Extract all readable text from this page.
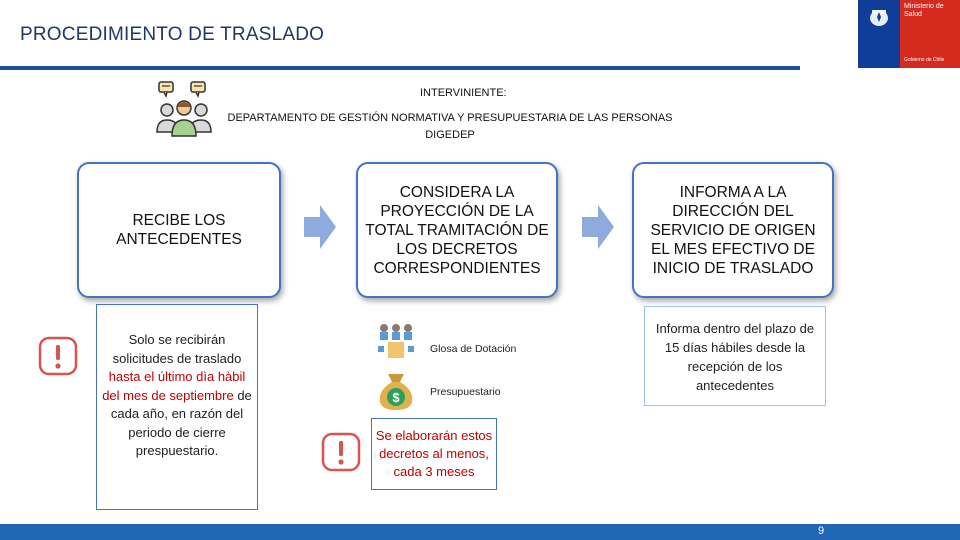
PROCEDIMIENTO DE TRASLADO
Ministerio de
Salud
Gobierno de Chile
INTERVINIENTE:
DEPARTAMENTO DE GESTIÓN NORMATIVA Y PRESUPUESTARIA DE LAS PERSONAS
DIGEDEP
RECIBE LOS ANTECEDENTES
CONSIDERA LA PROYECCIÓN DE LA TOTAL TRAMITACIÓN DE LOS DECRETOS CORRESPONDIENTES
INFORMA A LA DIRECCIÓN DEL SERVICIO DE ORIGEN EL MES EFECTIVO DE INICIO DE TRASLADO
Solo se recibirán solicitudes de traslado hasta el último dìa hàbil del mes de septiembre de cada año, en razón del periodo de cierre prespuestario.
Glosa de Dotación
$	Presupuestario
Se elaborarán estos decretos al menos, cada 3 meses
Informa dentro del plazo de 15 días hábiles desde la recepción de los antecedentes
9
